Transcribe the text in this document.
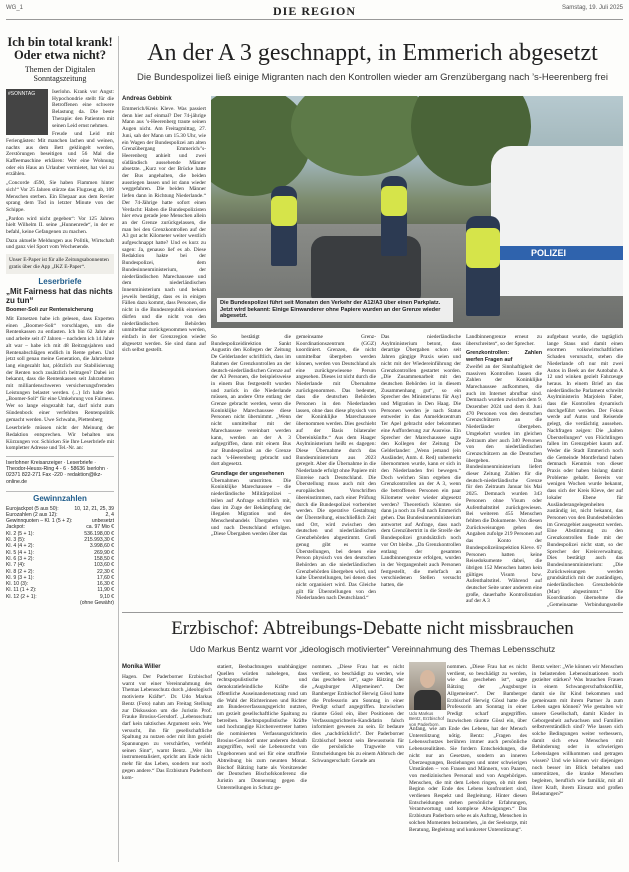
WG_1	DIE REGION	Samstag, 19. Juli 2025
Ich bin total krank! Oder etwa nicht?
Themen der Digitalen Sonntagszeitung
#SONNTAG	Iserlohn. Krank vor Angst: Hypochondrie stellt für die Betroffenen eine schwere Belastung da. Die beste Therapie: den Patienten mit seinen Leid ernst nehmen.

Freude und Leid mit Feriengästen: Mit manchen lachen und weinen, nachts aus dem Bett geklingelt werden, Zerstörungen beseitigen und 56 Mal die Kaffeemaschine erklären: Wer eine Wohnung oder ein Haus an Urlauber vermietet, hat viel zu erzählen.

„Concorde 4590, Sie haben Flammen hinter sich!“ Vor 25 Jahren stürzte das Flugzeug ab, 109 Menschen sterben. Ein Ehepaar aus dem Revier sprang dem Tod in letzter Minute von der Schippe.

„Pardon wird nicht gegeben“: Vor 125 Jahren hielt Wilhelm II. seine „Hunnenrede“, in der er befahl, keine Gefangenen zu machen.

Dazu aktuelle Meldungen aus Politik, Wirtschaft und ganz viel Sport vom Wochenende.

Unser E-Paper ist für alle Zeitungsabonnenten gratis über die App „IKZ E-Paper“.
Leserbriefe
„Mit Fairness hat das nichts zu tun“

Boomer-Soli zur Rentensicherung

Mit Entsetzen habe ich gelesen, dass Experten einen „Boomer-Soli“ vorschlagen, um die Rentenkassen zu entlasten. Ich bin 62 Jahre alt und arbeite seit 47 Jahren – nachdem ich 14 Jahre alt war – habe ich mit 48 Beitragsjahren und Rentenabschlägen endlich in Rente gehen. Und jetzt soll genau meine Generation, die Jahrzehnte lang eingezahlt hat, plötzlich zur Stabilisierung der Renten noch zusätzlich beitragen? Dabei ist bekannt, dass die Rentenkassen seit Jahrzehnten mit milliardenschweren versicherungsfremden Leistungen belastet werden. (...) Ich halte den „Boomer-Soli“ für eine Umkehrung von Fairness. Wer so lange eingezahlt hat, darf nicht zum Sündenbock einer verfehlten Rentenpolitik gemacht werden. Uwe Schwahn, Plettenberg

Leserbriefe müssen nicht der Meinung der Redaktion entsprechen. Wir behalten uns Kürzungen vor. Schicken Sie Ihre Leserbriefe mit kompletter Adresse und Tel.-Nr. an:

Iserlohner Kreisanzeiger · Leserbriefe · Theodor-Heuss-Ring 4 - 6 · 58636 Iserlohn · 02371 822-271 Fax -220 · redaktion@ikz-online.de
Gewinnzahlen
Eurojackpot (5 aus 50):	10, 12, 21, 25, 39
Eurozahlen (2 aus 12):	2, 4
Gewinnquoten – Kl. 1 (5 + 2):	unbesetzt
Jackpot:	ca. 97 Mio €
Kl. 2 (5 + 1):	536.198,00 €
Kl. 3 (5):	215.993,30 €
Kl. 4 (4 + 2):	3.998,60 €
Kl. 5 (4 + 1):	269,90 €
Kl. 6 (3 + 2):	158,50 €
Kl. 7 (4):	103,60 €
Kl. 8 (2 + 2):	22,30 €
Kl. 9 (3 + 1):	17,60 €
Kl. 10 (3):	16,30 €
Kl. 11 (1 + 2):	11,90 €
Kl. 12 (2 + 1):	9,10 €
(ohne Gewähr)
An der A 3 geschnappt, in Emmerich abgesetzt
Die Bundespolizei ließ einige Migranten nach den Kontrollen wieder am Grenzübergang nach ’s-Heerenberg frei
Andreas Gebbink

Emmerich/Kreis Kleve. Was passiert denn hier auf einmal? Der 74-jährige Mann aus ’s-Heerenberg traute seinen Augen nicht. Am Freitagmittag, 27. Juni, sah der Mann um 15.30 Uhr, wie ein Wagen der Bundespolizei am alten Grenzübergang Emmerich/’s-Heerenberg anhielt und zwei südländisch aussehende Männer absetzte. „Kurz vor der Brücke hatte der Bus angehalten, die beiden ausstiegen lassen und ist dann wieder weggefahren. Die beiden Männer liefen dann in Richtung Niederlande.“ Der 74-Jährige hatte sofort einen Verdacht: Haben die Bundespolizisten hier etwa gerade jene Menschen allein an der Grenze zurückgelassen, die man bei den Grenzkontrollen auf der A3 gut acht Kilometer weiter westlich aufgeschnappt hatte? Und es kurz zu sagen: Ja, genauso lief es ab. Diese Redaktion hakte bei der Bundespolizei, dem Bundesinnenministerium, der niederländischen Marechaussee und dem niederländischen Innenministerium nach und bekam jeweils bestätigt, dass es in einigen Fällen dazu kommt, dass Personen, die nicht in die Bundesrepublik einreisen dürfen und die nicht von den niederländischen Behörden unmittelbar zurückgenommen werden, einfach in der Grenzregion wieder abgesetzt werden. Sie sind dann auf sich selbst gestellt.

POLIZEI
Die Bundespolizei führt seit Monaten den Verkehr der A12/A3 über einen Parkplatz. Jetzt wird bekannt: Einige Einwanderer ohne Papiere wurden an der Grenze wieder abgesetzt.

So bestätigt die Bundespolizeidirektion Sankt Augustin den Kollegen der Zeitung De Gelderlander schriftlich, dass im Rahmen der Grenzkontrollen an der deutsch-niederländischen Grenze auf der A3 Personen, die beispielsweise in einem Bus festgestellt wurden und zurück in die Niederlande müssen, an andere Orte entlang der Grenze gebracht werden, wenn die Koninklijke Marechaussee diese Personen nicht übernimmt. „Wenn nicht unmittelbar mit der Marechaussee vereinbart werden kann, werden an der A 3 aufgegriffen, dann mit einem Bus zur Bundespolizei an die Grenze nach ’s-Heerenberg gebracht und dort abgesetzt.

Grundlage der ungesehenen

Übernahmen umstritten. Die Koninklijke Marechaussee – die niederländische Militärpolizei – teilen auf Anfrage schriftlich mit, dass im Zuge der Bekämpfung der illegalen Migration und des Menschenhandels Übergaben von und nach Deutschland erfolgen. „Diese Übergaben werden über das

gemeinsame Grenz-Koordinationszentrum (GGZ) koordiniert. Grenzen, die nicht unmittelbar übergeben werden können, werden von Deutschland als eine zurückgewiesene Person angesehen. Dieses ist nicht durch die Niederlande mit Übernahme zurückgenommen. Das bedeutet, dass die deutschen Behörden Personen in den Niederlanden lassen, ohne dass diese physisch von der Koninklijke Marechaussee übernommen werden. Dies geschieht auf der Basis bilateraler Übereinkünfte.“ Aus dem Haager Asylministerium heißt es dagegen: Diese Übernahme durch das Bundesministerium aus 2023 geregelt. Aber die Übernahme in die Niederlande erfolgt ohne Papiere mit Einreise nach Deutschland. Die Überstellung muss auch mit den europäischen Vorschriften übereinstimmen, nach einer Prüfung durch die Bundespolizei vorbereitet werden. Die operative Gestaltung der Überstellung, einschließlich Zeit und Ort, wird zwischen den deutschen und niederländischen Grenzbehörden abgestimmt. Groß genug gibt es warme Überstellungen, bei denen eine Person physisch von den deutschen Behörden an die niederländischen Grenzbehörden übergeben wird, und kalte Überstellungen, bei denen dies nicht organisiert wird. Das Gleiche gilt für Überstellungen von den Niederlanden nach Deutschland.“

Das niederländische Asylministerium betont, dass derartige Übergaben schon seit Jahren gängige Praxis seien und nicht mit der Wiedereinführung der Grenzkontrollen gestartet worden. „Die Zusammenarbeit mit den deutschen Behörden ist in diesem Zusammenhang gut“, so ein Sprecher des Ministeriums für Asyl und Migration in Den Haag. Die Personen werden je nach Status entweder in das Anmeldezentrum Ter Apel gebracht oder bekommen eine Aufforderung zur Ausreise. Ein Sprecher der Marechaussee sagte den Kollegen der Zeitung De Gelderlander: „Wenn jemand (ein Ausländer, Anm. d. Red) unbemerkt übernommen wurde, kann er sich in den Niederlanden frei bewegen.“ Doch welchen Sinn ergeben die Grenzkontrollen an der A 3, wenn die betroffenen Personen ein paar Kilometer weiter wieder abgesetzt werden? Theoretisch könnten sie dann ja noch zu Fuß nach Emmerich gehen. Das Bundesinnenministerium antwortet auf Anfrage, dass nach dem Grenzübertritt in die Streife der Bundespolizei grundsätzlich noch vor Ort bleibe. „Da Grenzkontrollen entlang der gesamten Landbinnengrenze erfolgen, wurden in der Vergangenheit auch Personen festgestellt, die mehrfach an verschiedenen Stellen versucht hatten, die

Landbinnengrenze erneut zu überschreiten“, so der Sprecher.

Grenzkontrollen: Zahlen werfen Fragen auf

Zweifel an der Sinnhaftigkeit der massiven Kontrollen lassen die Zahlen der Koninklijke Marechaussee aufkommen, die auch im Internet abrufbar sind. Demnach wurden zwischen dem 9. Dezember 2024 und dem 8. Juni 470 Personen von den deutschen Grenzschützern an die Niederländer übergeben. Umgekehrt wurden im gleichen Zeitraum aber auch 340 Personen von den niederländischen Grenzschützern an die Deutschen übergeben. Das Bundesinnenministerium liefert dieser Zeitung Zahlen für die deutsch-niederländische Grenze für den Zeitraum Januar bis Mai 2025. Demnach wurden 343 Personen ohne Visum oder Aufenthaltstitel zurückgewiesen. Bei weiteren 455 Menschen fehlten die Dokumente. Von diesen Zurückweisungen gehen des Angaben zufolge 219 Personen auf das Konto der Bundespolizeiinspektion Kleve. 67 Personen hatten keine Reisedokumente dabei, die übrigen 152 Menschen hatten kein gültiges Visum bzw. Aufenthaltstitel. Während auf deutscher Seite unter anderem eine große, dauerhafte Kontrollstation auf der A 3

aufgebaut wurde, die tagtäglich lange Staus und damit einen enormen volkswirtschaftlichen Schaden verursacht, stehen die Niederlande oft nur mit zwei Autos in Beek an der Autobahn A 12 und winken gezielt Fahrzeuge heraus. In einem Brief an das niederländische Parlament schreibt Asylministerin Marjolein Faber, dass die Kontrollen dynamisch durchgeführt werden. Der Fokus werde auf Autos und Reisende gelegt, die verdächtig aussehen. Nachfragen zeigen: Die „kalten Überstellungen“ von Flüchtlingen fallen im Grenzgebiet kaum auf. Weder die Stadt Emmerich noch die Gemeinde Montferland haben demnach Kenntnis von dieser Praxis oder haben bislang damit Probleme gehabt. Bereits vor wenigen Wochen wurde bekannt, dass sich der Kreis Kleve, der auf lokaler Ebene für Ausländerangelegenheiten zuständig ist, nicht bekannt, das Personen von den Bundesbehörden im Grenzgebiet ausgesetzt werden. Eine Abstimmung zu den Grenzkontrollen finde mit der Bundespolizei nicht statt, so der Sprecher der Kreisverwaltung. Dies bestätigt auch das Bundesinnenministerium: „Die Zurückweisungen werden grundsätzlich mit der zuständigen, niederländischen Grenzbehörde (Mar) abgestimmt.“ Die Koordination übernehme die „Gemeinsame Verbindungsstelle

Erzbischof: Abtreibungs-Debatte nicht missbrauchen
Udo Markus Bentz warnt vor „ideologisch motivierter“ Vereinnahmung des Themas Lebensschutz
Monika Willer

Hagen. Der Paderborner Erzbischof warnt vor einer Vereinnahmung des Themas Lebensschutz durch „ideologisch motivierte Kräfte“. Dr. Udo Markus Bentz (Foto) nahm am Freitag Stellung zur Diskussion um die Juristin Prof. Frauke Brosius-Gersdorf. „Lebensschutz darf kein taktisches Argument sein. Wer versucht, ihn für gesellschaftliche Spaltung zu nutzen oder mit ihm gezielt Spannungen zu verschärfen, verfehlt seinen Sinn“, warnt Bentz. „Wer ihn instrumentalisiert, spricht am Ende nicht mehr für das Leben, sondern nur noch gegen andere.“ Das Erzbistum Paderborn kom-

statiert, Beobachtungen unabhängiger Quellen würden nahelegen, dass rechtspopulistische und demokratiefeindliche Kräfte die öffentliche Auseinandersetzung rund um die Wahl der Richterinnen und Richter am Bundesverfassungsgericht nutzten, um gezielt gesellschaftliche Spaltung zu betreiben. Rechtspopulistische Kräfte und hochrangige Kirchenvertreter hatten die nominierten Verfassungsrichterin Brosius-Gersdorf unter anderem deshalb angegriffen, weil sie Lebensrecht von Ungeborenen und sei für eine straffreie Abtreibung bis zum neunten Monat. Bischof Bätzing hatte als Vorsitzender der Deutschen Bischofskonferenz die Juristin am Donnerstag gegen die Unterstellungen in Schutz ge-

Udo Markus Bentz, Erzbischof von Paderborn.

nommen. „Diese Frau hat es nicht verdient, so beschädigt zu werden, wie das geschehen ist“, sagte Bätzing der „Augsburger Allgemeinen“. Der Bamberger Erzbischof Herwig Gössl hatte die Professorin am Sonntag in einer Predigt scharf angegriffen. Inzwischen räumte Gössl ein, über

Anfang, wie am Ende des Lebens, hat der Mensch Unterstützung nötig. Bentz: „Fragen des Lebensschutzes berühren immer auch persönliche Lebensrealitäten. Sie fordern Entscheidungen, die nicht nur an Gesetzen, sondern an inneren Überzeugungen, Beziehungen und unter schwierigen Umständen – von Frauen und Männern, von Paaren, von medizinischen Personal und von Angehörigen. Menschen, die mit dem Leben ringen, ob mit dem Beginn oder Ende des Lebens konfrontiert sind, verdienen Respekt und Begleitung. Hinter diesen Entscheidungen stehen persönliche Erfahrungen, Verantwortung und komplexe Abwägungen.“ Das Erzbistum Paderborn sehe es als Auftrag, Menschen in solchen Momenten beizustehen, „in der Seelsorge, mit Beratung, Begleitung und konkreter Unterstützung“.

Bentz weiter: „Wie können wir Menschen in belastenden Lebenssituationen noch gezielter stärken? Was brauchen Frauen in einem Schwangerschaftskonflikt, damit sie ihr Kind bekommen und gemeinsam mit ihrem Partner Ja zum Leben sagen können? Wie gestalten wir unsere Gesellschaft, damit Kinder in Geborgenheit aufwachsen und Familien selbstverständlich sind? Wie lassen sich solche Bedingungen weiter verbessern, damit sich etwa Menschen mit Behinderung oder in schwierigen Lebenslagen willkommen und getragen wissen? Und wie können wir diejenigen noch besser im Blick behalten und unterstützen, die kranke Menschen begleiten, beruflich wie familiär, mit all ihrer Kraft, ihrem Einsatz und großen Belastungen?“

nommen. „Diese Frau hat es nicht verdient, so beschädigt zu werden, wie das geschehen ist“, sagte Bätzing der „Augsburger Allgemeinen“. Der Bamberger Erzbischof Herwig Gössl hatte die Professorin am Sonntag in einer Predigt scharf angegriffen. Inzwischen räumte Gössl ein, über Positionen der Verfassungsrichterin-Kandidatin falsch informiert gewesen zu sein. Er bedaure dies „nachdrücklich“. Der Paderborner Erzbischof betont sein Bewusstsein für die persönliche Tragweite von Entscheidungen bis zu einem Abbruch der Schwangerschaft: Gerade am
